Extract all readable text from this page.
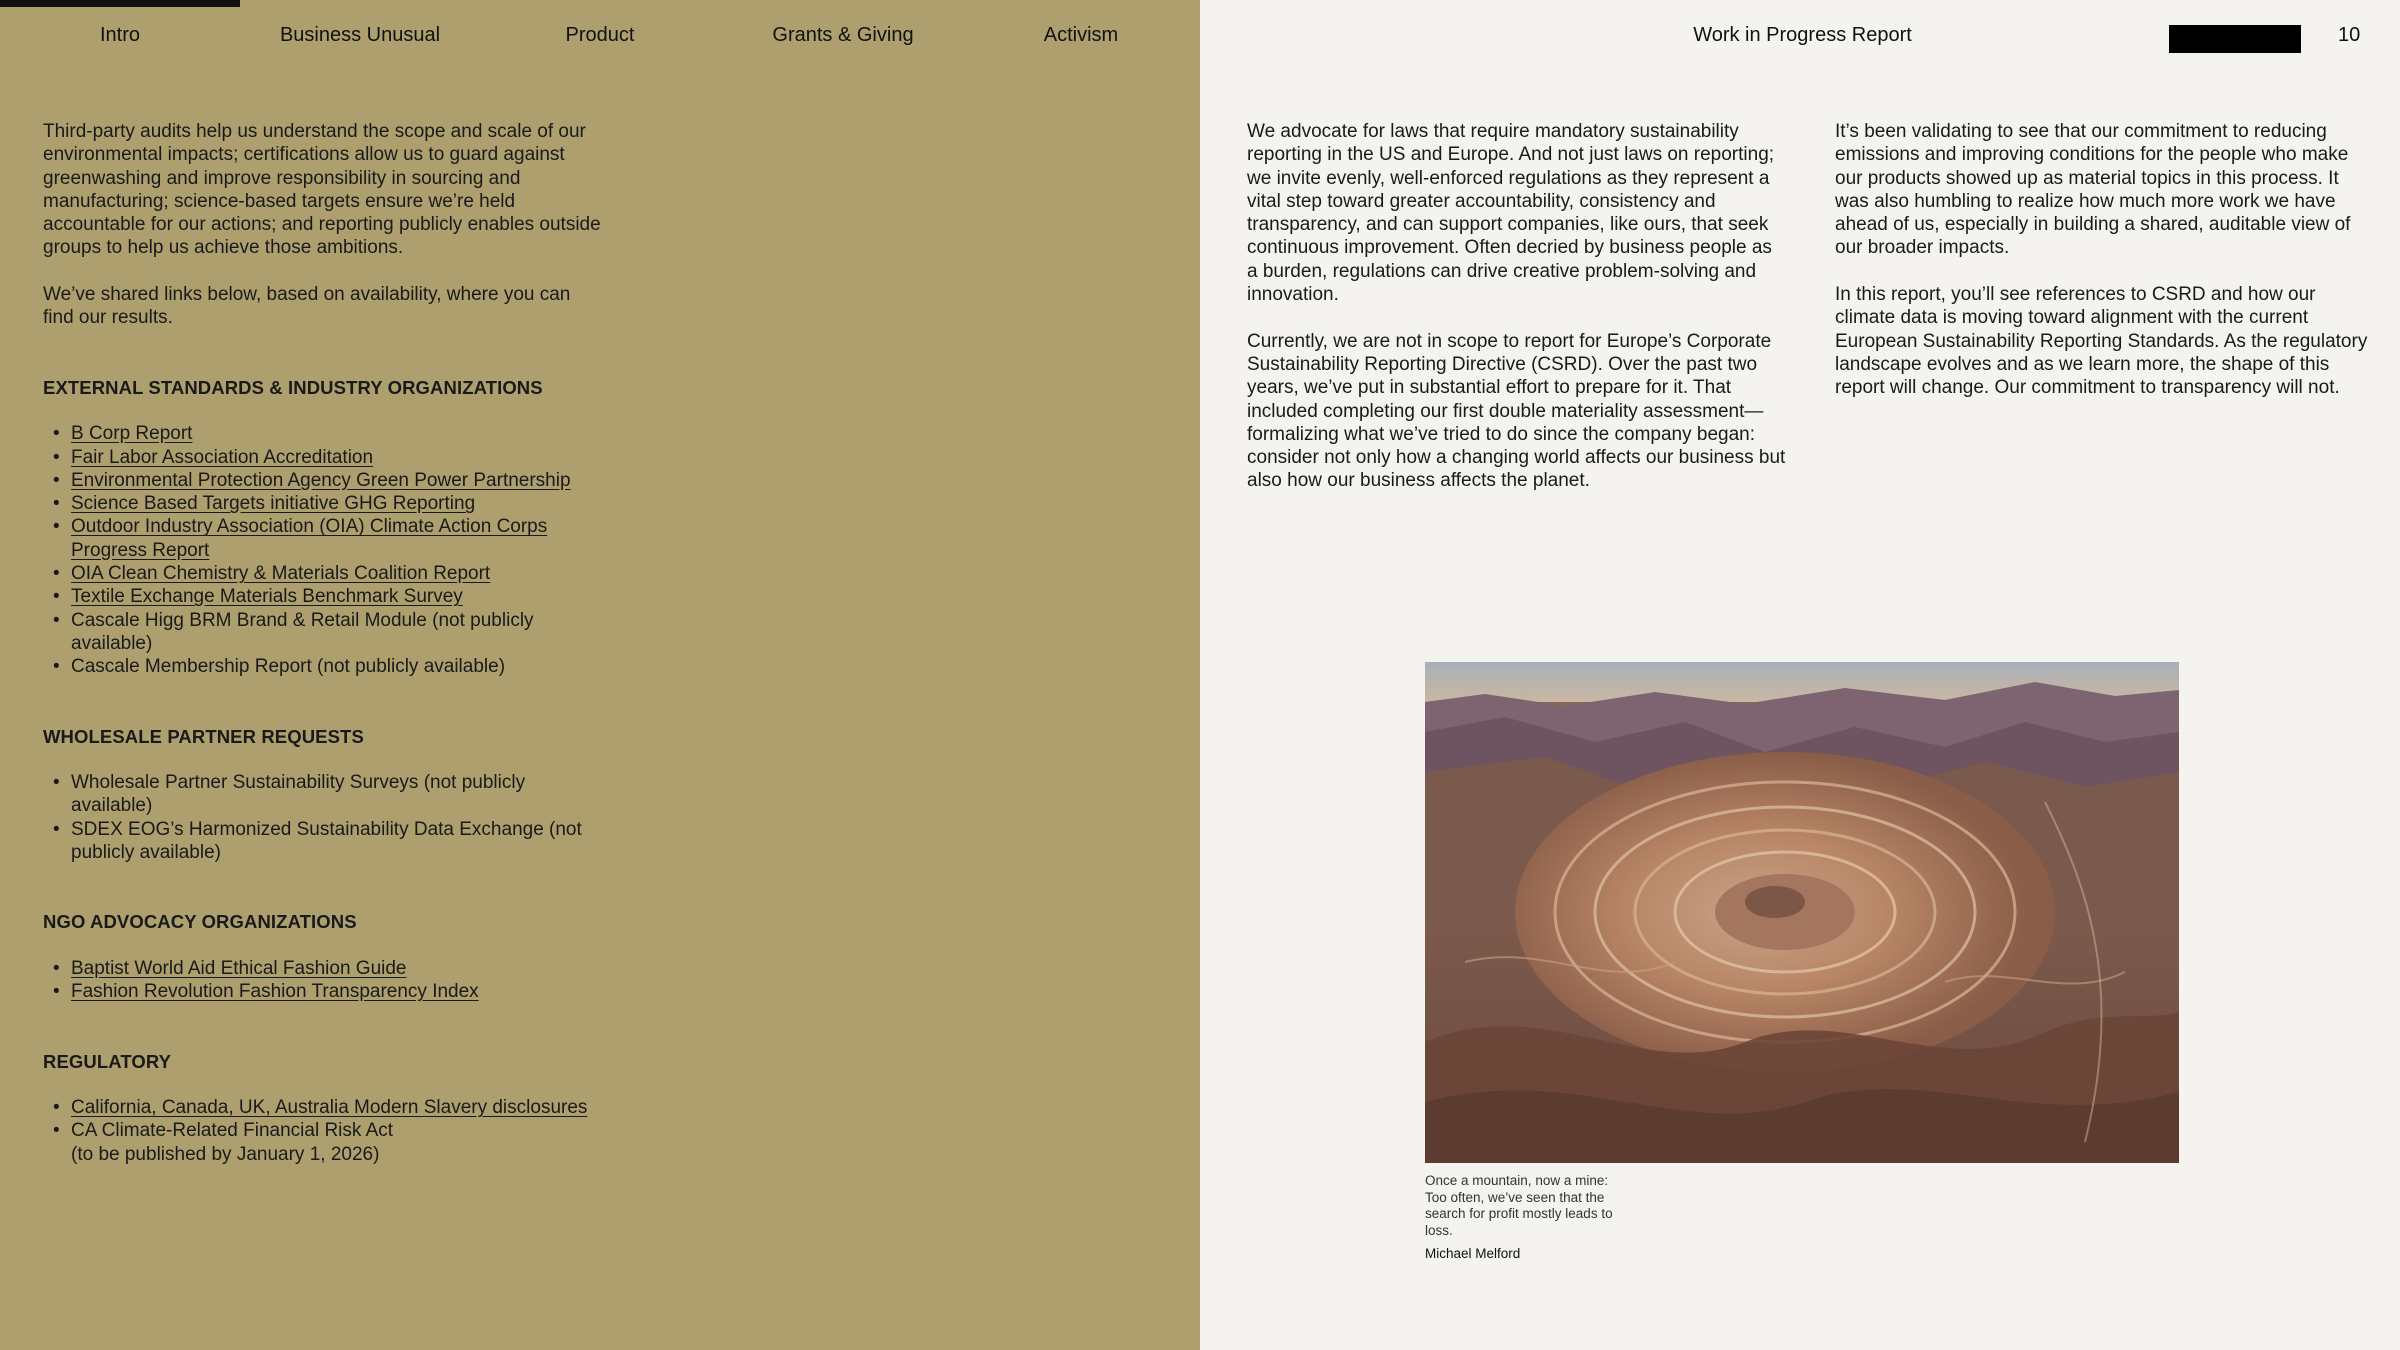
Intro	Business Unusual	Product	Grants & Giving	Activism

Third-party audits help us understand the scope and scale of our environmental impacts; certifications allow us to guard against greenwashing and improve responsibility in sourcing and manufacturing; science-based targets ensure we’re held accountable for our actions; and reporting publicly enables outside groups to help us achieve those ambitions.

We’ve shared links below, based on availability, where you can find our results.

EXTERNAL STANDARDS & INDUSTRY ORGANIZATIONS
• B Corp Report
• Fair Labor Association Accreditation
• Environmental Protection Agency Green Power Partnership
• Science Based Targets initiative GHG Reporting
• Outdoor Industry Association (OIA) Climate Action Corps Progress Report
• OIA Clean Chemistry & Materials Coalition Report
• Textile Exchange Materials Benchmark Survey
• Cascale Higg BRM Brand & Retail Module (not publicly available)
• Cascale Membership Report (not publicly available)
WHOLESALE PARTNER REQUESTS
• Wholesale Partner Sustainability Surveys (not publicly available)
• SDEX EOG’s Harmonized Sustainability Data Exchange (not publicly available)
NGO ADVOCACY ORGANIZATIONS
• Baptist World Aid Ethical Fashion Guide
• Fashion Revolution Fashion Transparency Index
REGULATORY
• California, Canada, UK, Australia Modern Slavery disclosures
• CA Climate-Related Financial Risk Act
(to be published by January 1, 2026)
Work in Progress Report	10

We advocate for laws that require mandatory sustainability reporting in the US and Europe. And not just laws on reporting; we invite evenly, well-enforced regulations as they represent a vital step toward greater accountability, consistency and transparency, and can support companies, like ours, that seek continuous improvement. Often decried by business people as a burden, regulations can drive creative problem-solving and innovation.

Currently, we are not in scope to report for Europe’s Corporate Sustainability Reporting Directive (CSRD). Over the past two years, we’ve put in substantial effort to prepare for it. That included completing our first double materiality assessment—formalizing what we’ve tried to do since the company began: consider not only how a changing world affects our business but also how our business affects the planet.

It’s been validating to see that our commitment to reducing emissions and improving conditions for the people who make our products showed up as material topics in this process. It was also humbling to realize how much more work we have ahead of us, especially in building a shared, auditable view of our broader impacts.

In this report, you’ll see references to CSRD and how our climate data is moving toward alignment with the current European Sustainability Reporting Standards. As the regulatory landscape evolves and as we learn more, the shape of this report will change. Our commitment to transparency will not.

Once a mountain, now a mine: Too often, we’ve seen that the search for profit mostly leads to loss.
Michael Melford
